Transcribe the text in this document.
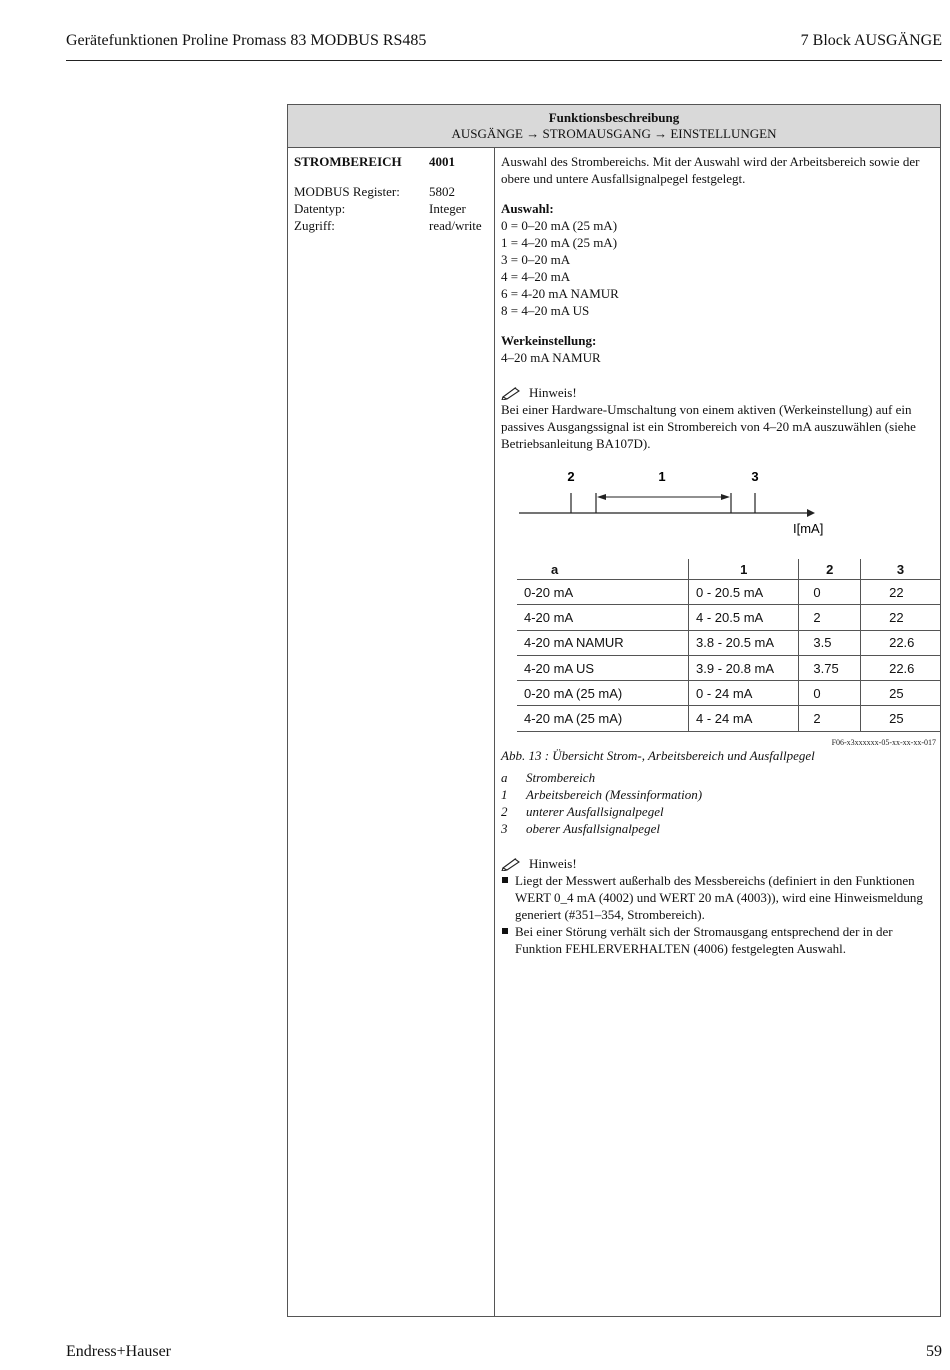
Gerätefunktionen Proline Promass 83 MODBUS RS485	7 Block AUSGÄNGE
Funktionsbeschreibung
AUSGÄNGE → STROMAUSGANG → EINSTELLUNGEN
STROMBEREICH 4001
MODBUS Register: 5802
Datentyp:	Integer
Zugriff:	read/write

Auswahl des Strombereichs. Mit der Auswahl wird der Arbeitsbereich sowie der obere und untere Ausfallsignalpegel festgelegt.

Auswahl:

0 = 0–20 mA (25 mA)

1 = 4–20 mA (25 mA)

3 = 0–20 mA

4 = 4–20 mA

6 = 4-20 mA NAMUR

8 = 4–20 mA US

Werkeinstellung:

4–20 mA NAMUR

Hinweis!

Bei einer Hardware-Umschaltung von einem aktiven (Werkeinstellung) auf ein passives Ausgangssignal ist ein Strombereich von 4–20 mA auszuwählen (siehe Betriebsanleitung BA107D).

2	1	3
I[mA]
a	1	2	3
0-20 mA	0 - 20.5 mA	0	22
4-20 mA	4 - 20.5 mA	2	22
4-20 mA NAMUR	3.8 - 20.5 mA	3.5	22.6
4-20 mA US	3.9 - 20.8 mA	3.75	22.6
0-20 mA (25 mA)	0 - 24 mA	0	25
4-20 mA (25 mA)	4 - 24 mA	2	25
F06-x3xxxxxx-05-xx-xx-xx-017
Abb. 13 : Übersicht Strom-, Arbeitsbereich und Ausfallpegel
a	Strombereich
1	Arbeitsbereich (Messinformation)
2	unterer Ausfallsignalpegel
3	oberer Ausfallsignalpegel
Hinweis!
Liegt der Messwert außerhalb des Messbereichs (definiert in den Funktionen WERT 0_4 mA (4002) und WERT 20 mA (4003)), wird eine Hinweismeldung generiert (#351–354, Strombereich).
Bei einer Störung verhält sich der Stromausgang entsprechend der in der Funktion FEHLERVERHALTEN (4006) festgelegten Auswahl.
Endress+Hauser	59
